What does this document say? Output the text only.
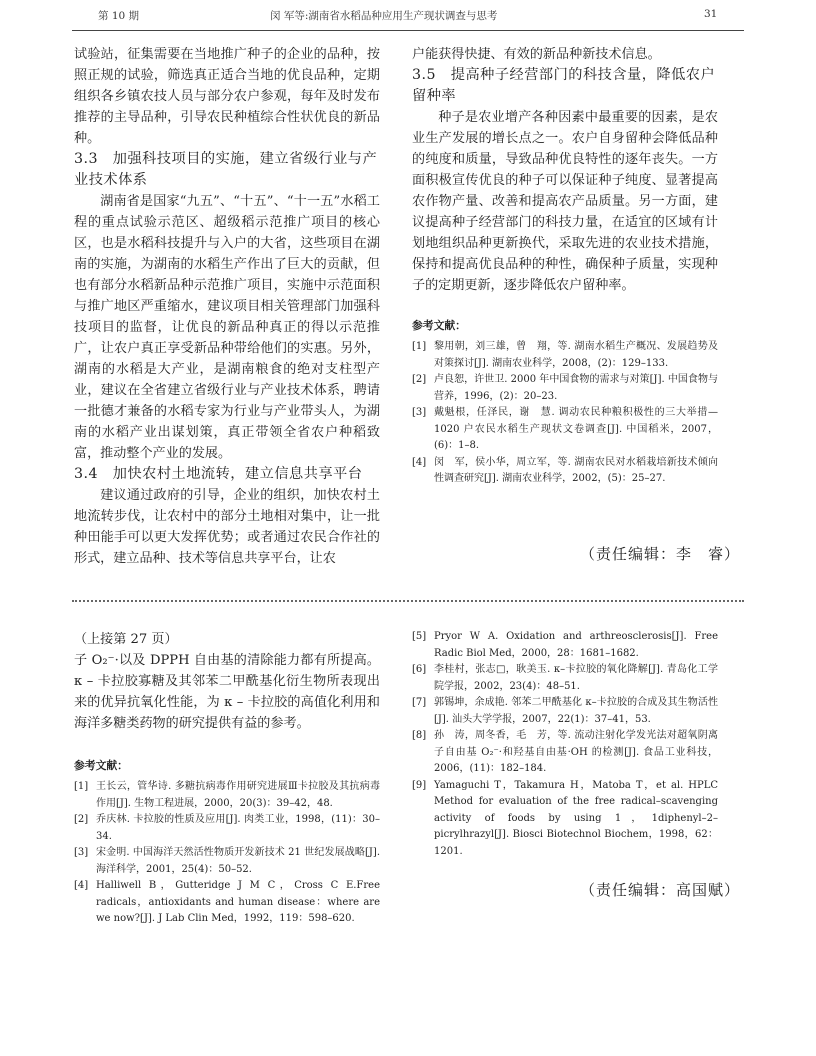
第 10 期	闵 军等:湖南省水稻品种应用生产现状调查与思考	31

试验站，征集需要在当地推广种子的企业的品种，按照正规的试验，筛选真正适合当地的优良品种，定期组织各乡镇农技人员与部分农户参观，每年及时发布推荐的主导品种，引导农民种植综合性状优良的新品种。

3.3　加强科技项目的实施，建立省级行业与产业技术体系

湖南省是国家“九五”、“十五”、“十一五”水稻工程的重点试验示范区、超级稻示范推广项目的核心区，也是水稻科技提升与入户的大省，这些项目在湖南的实施，为湖南的水稻生产作出了巨大的贡献，但也有部分水稻新品种示范推广项目，实施中示范面积与推广地区严重缩水，建议项目相关管理部门加强科技项目的监督，让优良的新品种真正的得以示范推广，让农户真正享受新品种带给他们的实惠。另外，湖南的水稻是大产业，是湖南粮食的绝对支柱型产业，建议在全省建立省级行业与产业技术体系，聘请一批德才兼备的水稻专家为行业与产业带头人，为湖南的水稻产业出谋划策，真正带领全省农户种稻致富，推动整个产业的发展。

3.4　加快农村土地流转，建立信息共享平台

建议通过政府的引导，企业的组织，加快农村土地流转步伐，让农村中的部分土地相对集中，让一批种田能手可以更大发挥优势；或者通过农民合作社的形式，建立品种、技术等信息共享平台，让农

户能获得快捷、有效的新品种新技术信息。

3.5　提高种子经营部门的科技含量，降低农户留种率

种子是农业增产各种因素中最重要的因素，是农业生产发展的增长点之一。农户自身留种会降低品种的纯度和质量，导致品种优良特性的逐年丧失。一方面积极宣传优良的种子可以保证种子纯度、显著提高农作物产量、改善和提高农产品质量。另一方面，建议提高种子经营部门的科技力量，在适宜的区域有计划地组织品种更新换代，采取先进的农业技术措施，保持和提高优良品种的种性，确保种子质量，实现种子的定期更新，逐步降低农户留种率。

参考文献：

[1] 黎用朝，刘三雄，曾　翔，等. 湖南水稻生产概况、发展趋势及对策探讨[J]. 湖南农业科学，2008，(2)：129–133.
[2] 卢良恕，许世卫. 2000 年中国食物的需求与对策[J]. 中国食物与营养，1996，(2)：20–23.
[3] 戴魁根，任泽民，谢　慧. 调动农民种粮积极性的三大举措—1020 户农民水稻生产现状文卷调查[J]. 中国稻米，2007，(6)：1–8.
[4] 闵　军，侯小华，周立军，等. 湖南农民对水稻栽培新技术倾向性调查研究[J]. 湖南农业科学，2002，(5)：25–27.
（责任编辑：李　睿）

（上接第 27 页）

子 O₂⁻·以及 DPPH 自由基的清除能力都有所提高。κ – 卡拉胶寡糖及其邻苯二甲酰基化衍生物所表现出来的优异抗氧化性能，为 κ – 卡拉胶的高值化利用和海洋多糖类药物的研究提供有益的参考。

参考文献：

[1] 王长云，管华诗. 多糖抗病毒作用研究进展Ⅲ卡拉胶及其抗病毒作用[J]. 生物工程进展，2000，20(3)：39–42，48.
[2] 乔庆林. 卡拉胶的性质及应用[J]. 肉类工业，1998，(11)：30–34.
[3] 宋金明. 中国海洋天然活性物质开发新技术 21 世纪发展战略[J]. 海洋科学，2001，25(4)：50–52.
[4] Halliwell B，Gutteridge J M C，Cross C E.Free radicals，antioxidants and human disease：where are we now?[J]. J Lab Clin Med，1992，119：598–620.
[5] Pryor W A. Oxidation and arthreosclerosis[J]. Free Radic Biol Med，2000，28：1681–1682.
[6] 李桂村，张志□，耿美玉. κ–卡拉胶的氧化降解[J]. 青岛化工学院学报，2002，23(4)：48–51.
[7] 郭锡坤，余成艳. 邻苯二甲酰基化 κ–卡拉胶的合成及其生物活性[J]. 汕头大学学报，2007，22(1)：37–41，53.
[8] 孙　涛，周冬香，毛　芳，等. 流动注射化学发光法对超氧阴离子自由基 O₂⁻·和羟基自由基·OH 的检测[J]. 食品工业科技，2006，(11)：182–184.
[9] Yamaguchi T，Takamura H，Matoba T，et al. HPLC Method for evaluation of the free radical–scavenging activity of foods by using 1，1diphenyl–2–picrylhrazyl[J]. Biosci Biotechnol Biochem，1998，62：1201.
（责任编辑：高国赋）
